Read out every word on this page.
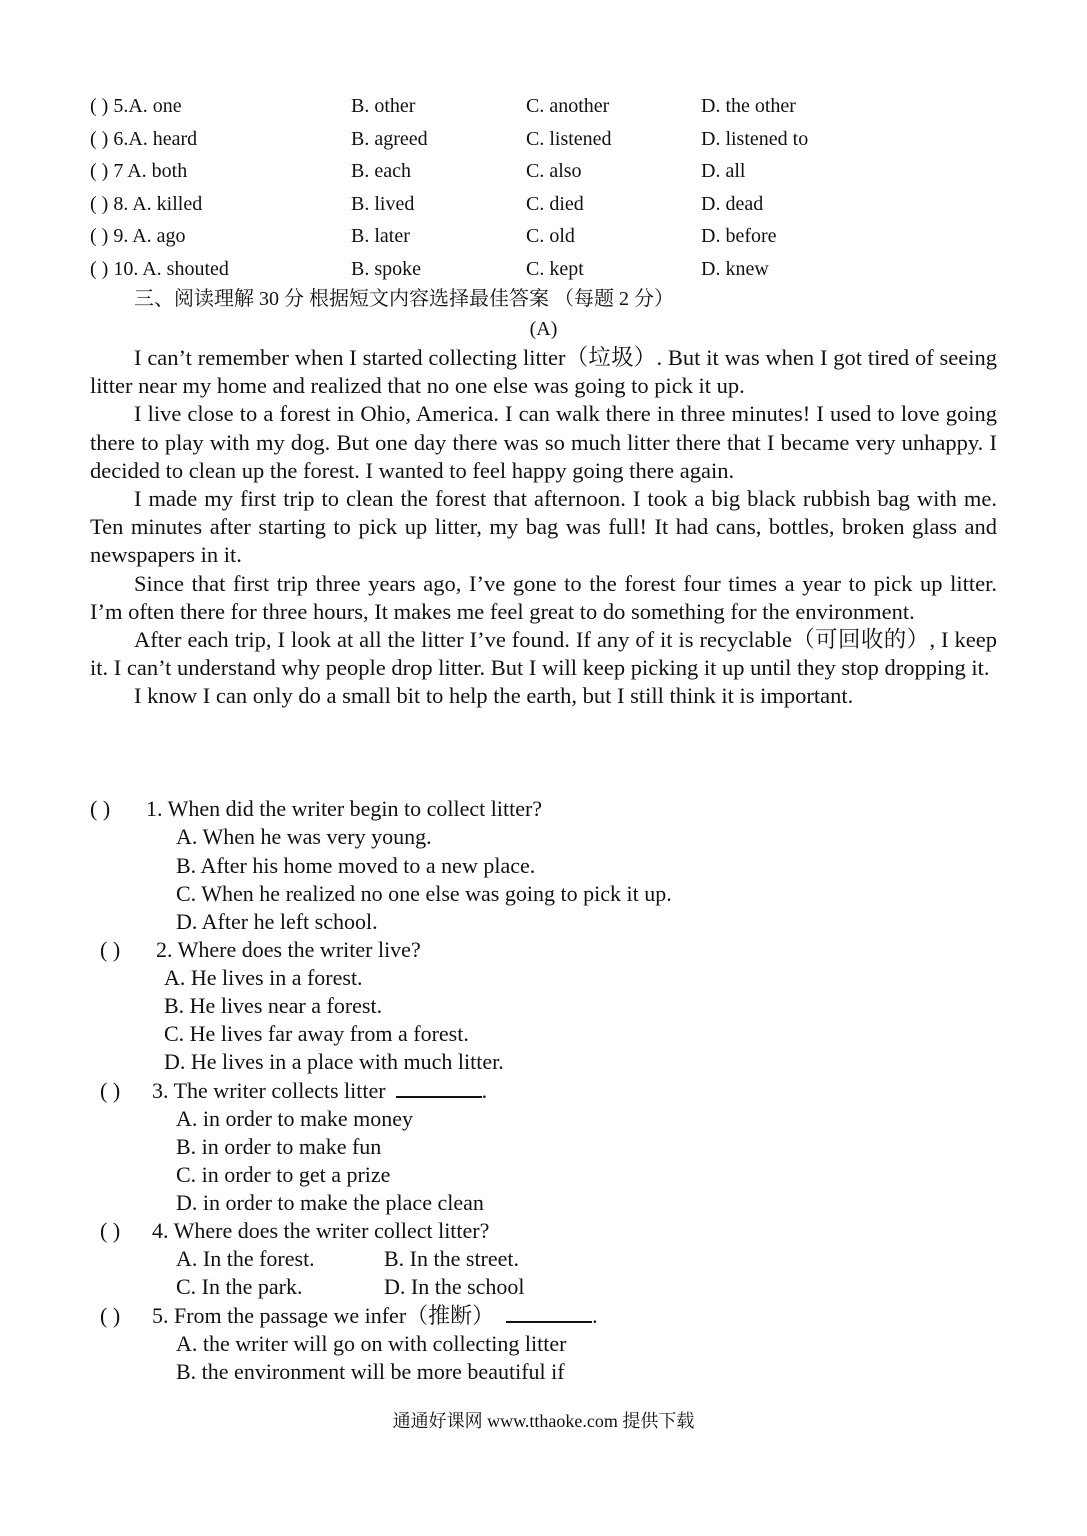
( ) 5.A. one	B. other	C. another	D. the other
( ) 6.A. heard	B. agreed	C. listened	D. listened to
( ) 7 A. both	B. each	C. also	D. all
( ) 8. A. killed	B. lived	C. died	D. dead
( ) 9. A. ago	B. later	C. old	D. before
( ) 10. A. shouted	B. spoke	C. kept	D. knew
三、阅读理解 30 分 根据短文内容选择最佳答案 （每题 2 分）
(A)

I can’t remember when I started collecting litter（垃圾）. But it was when I got tired of seeing litter near my home and realized that no one else was going to pick it up.

I live close to a forest in Ohio, America. I can walk there in three minutes! I used to love going there to play with my dog. But one day there was so much litter there that I became very unhappy. I decided to clean up the forest. I wanted to feel happy going there again.

I made my first trip to clean the forest that afternoon. I took a big black rubbish bag with me. Ten minutes after starting to pick up litter, my bag was full! It had cans, bottles, broken glass and newspapers in it.

Since that first trip three years ago, I’ve gone to the forest four times a year to pick up litter. I’m often there for three hours, It makes me feel great to do something for the environment.

After each trip, I look at all the litter I’ve found. If any of it is recyclable（可回收的）, I keep it. I can’t understand why people drop litter. But I will keep picking it up until they stop dropping it.

I know I can only do a small bit to help the earth, but I still think it is important.

( ) 1. When did the writer begin to collect litter?
A. When he was very young.
B. After his home moved to a new place.
C. When he realized no one else was going to pick it up.
D. After he left school.
( ) 2. Where does the writer live?
A. He lives in a forest.
B. He lives near a forest.
C. He lives far away from a forest.
D. He lives in a place with much litter.
( ) 3. The writer collects litter	.
A. in order to make money
B. in order to make fun
C. in order to get a prize
D. in order to make the place clean
( ) 4. Where does the writer collect litter?
A. In the forest.	B. In the street.
C. In the park.	D. In the school
( ) 5. From the passage we infer（推断）	.
A. the writer will go on with collecting litter
B. the environment will be more beautiful if
通通好课网 www.tthaoke.com 提供下载
